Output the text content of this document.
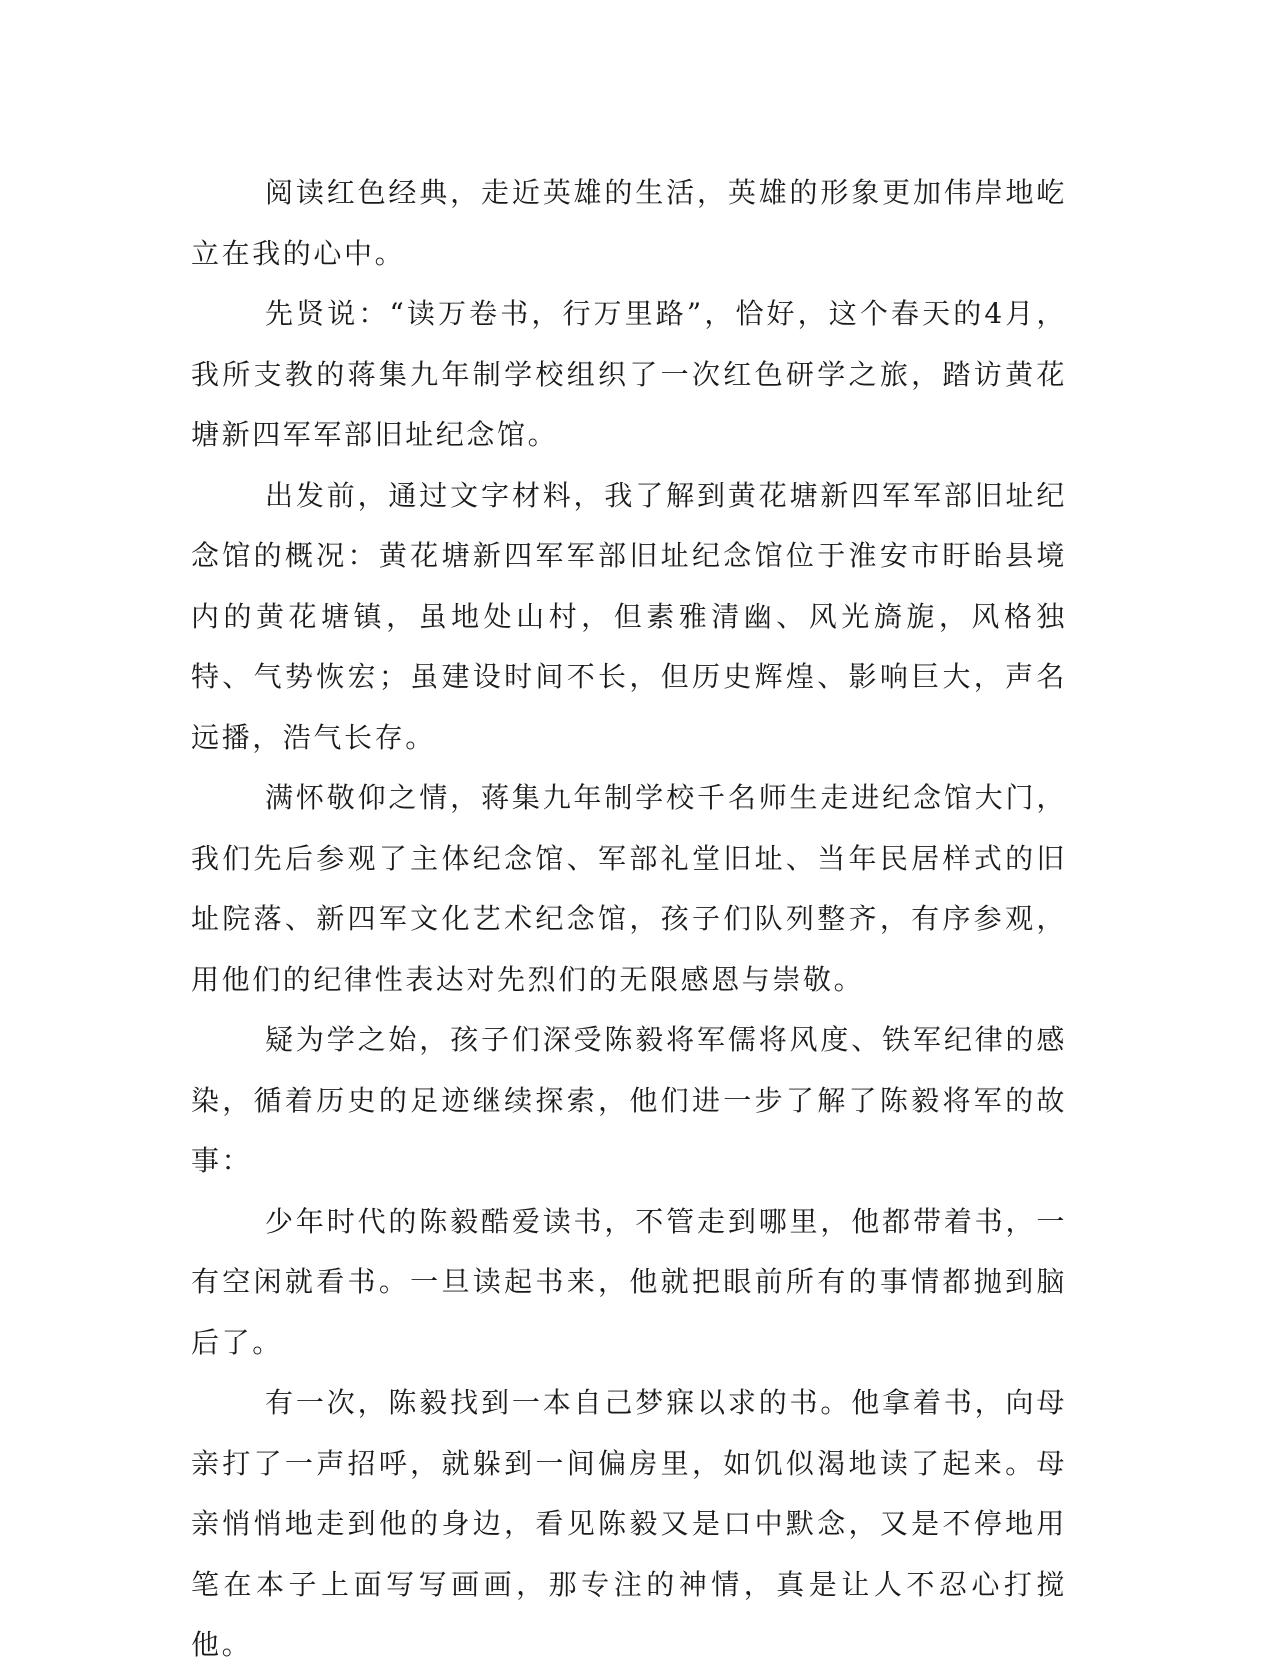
阅读红色经典，走近英雄的生活，英雄的形象更加伟岸地屹立在我的心中。

先贤说：“读万卷书，行万里路”，恰好，这个春天的4月，我所支教的蒋集九年制学校组织了一次红色研学之旅，踏访黄花塘新四军军部旧址纪念馆。

出发前，通过文字材料，我了解到黄花塘新四军军部旧址纪念馆的概况：黄花塘新四军军部旧址纪念馆位于淮安市盱眙县境内的黄花塘镇，虽地处山村，但素雅清幽、风光旖旎，风格独特、气势恢宏；虽建设时间不长，但历史辉煌、影响巨大，声名远播，浩气长存。

满怀敬仰之情，蒋集九年制学校千名师生走进纪念馆大门，我们先后参观了主体纪念馆、军部礼堂旧址、当年民居样式的旧址院落、新四军文化艺术纪念馆，孩子们队列整齐，有序参观，用他们的纪律性表达对先烈们的无限感恩与崇敬。

疑为学之始，孩子们深受陈毅将军儒将风度、铁军纪律的感染，循着历史的足迹继续探索，他们进一步了解了陈毅将军的故事：

少年时代的陈毅酷爱读书，不管走到哪里，他都带着书，一有空闲就看书。一旦读起书来，他就把眼前所有的事情都抛到脑后了。

有一次，陈毅找到一本自己梦寐以求的书。他拿着书，向母亲打了一声招呼，就躲到一间偏房里，如饥似渴地读了起来。母亲悄悄地走到他的身边，看见陈毅又是口中默念，又是不停地用笔在本子上面写写画画，那专注的神情，真是让人不忍心打搅他。
